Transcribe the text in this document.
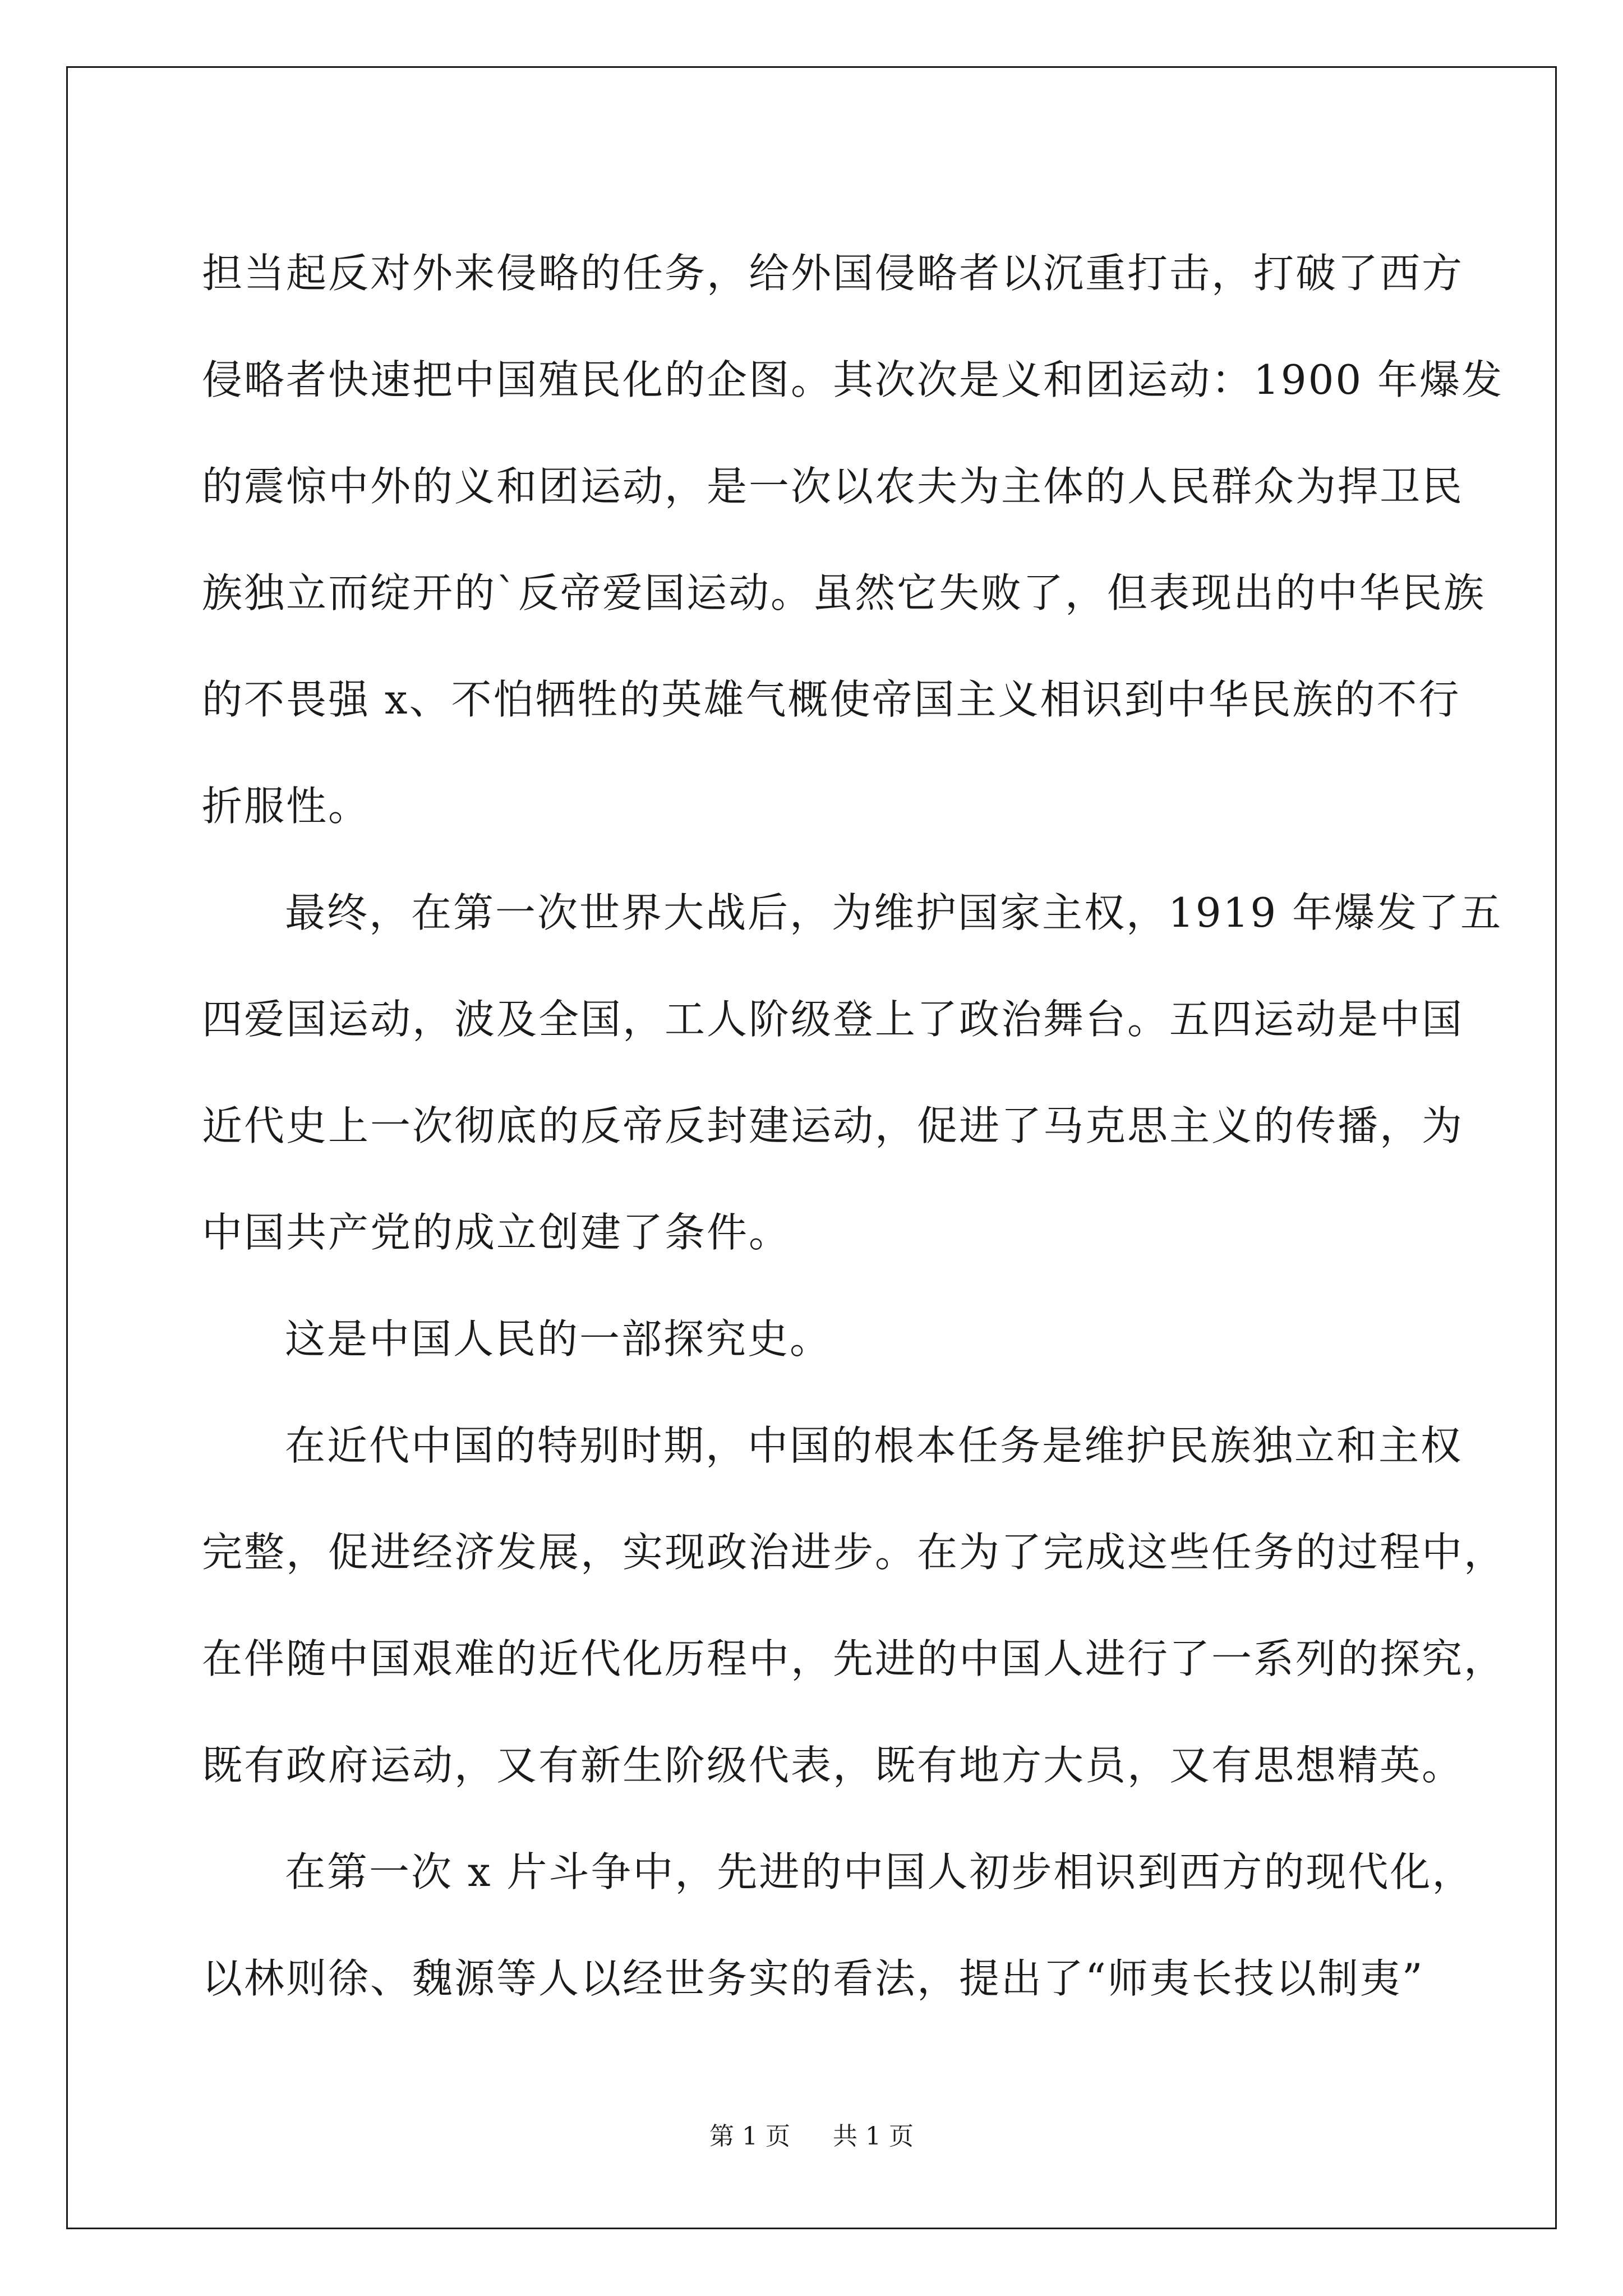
担当起反对外来侵略的任务，给外国侵略者以沉重打击，打破了西方
侵略者快速把中国殖民化的企图。其次次是义和团运动：1900 年爆发
的震惊中外的义和团运动，是一次以农夫为主体的人民群众为捍卫民
族独立而绽开的`反帝爱国运动。虽然它失败了，但表现出的中华民族
的不畏强 x、不怕牺牲的英雄气概使帝国主义相识到中华民族的不行
折服性。
最终，在第一次世界大战后，为维护国家主权，1919 年爆发了五
四爱国运动，波及全国，工人阶级登上了政治舞台。五四运动是中国
近代史上一次彻底的反帝反封建运动，促进了马克思主义的传播，为
中国共产党的成立创建了条件。
这是中国人民的一部探究史。
在近代中国的特别时期，中国的根本任务是维护民族独立和主权
完整，促进经济发展，实现政治进步。在为了完成这些任务的过程中，
在伴随中国艰难的近代化历程中，先进的中国人进行了一系列的探究，
既有政府运动，又有新生阶级代表，既有地方大员，又有思想精英。
在第一次 x 片斗争中，先进的中国人初步相识到西方的现代化，
以林则徐、魏源等人以经世务实的看法，提出了“师夷长技以制夷”
第 1 页 共 1 页
